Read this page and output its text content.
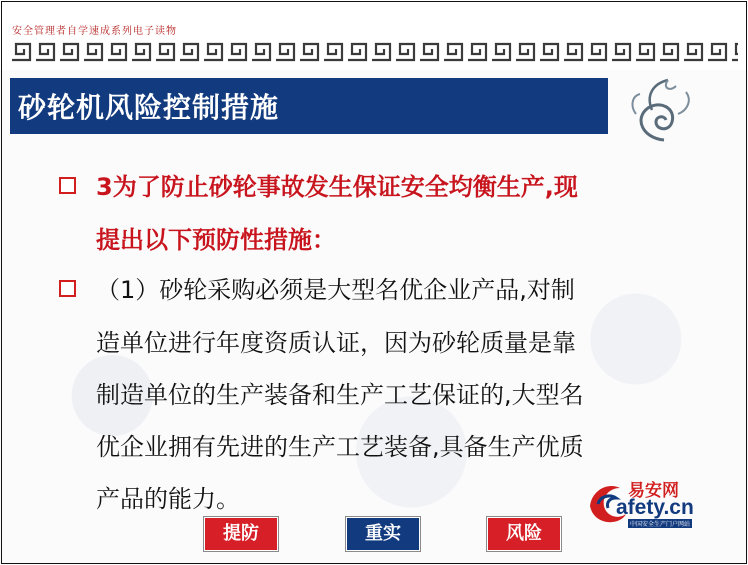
安全管理者自学速成系列电子读物
砂轮机风险控制措施
3为了防止砂轮事故发生保证安全均衡生产,现
提出以下预防性措施：
（1）砂轮采购必须是大型名优企业产品,对制
造单位进行年度资质认证，因为砂轮质量是靠
制造单位的生产装备和生产工艺保证的,大型名
优企业拥有先进的生产工艺装备,具备生产优质
产品的能力。	易安网
afety.cn
中国安全生产门户网站
提防	重实	风险
